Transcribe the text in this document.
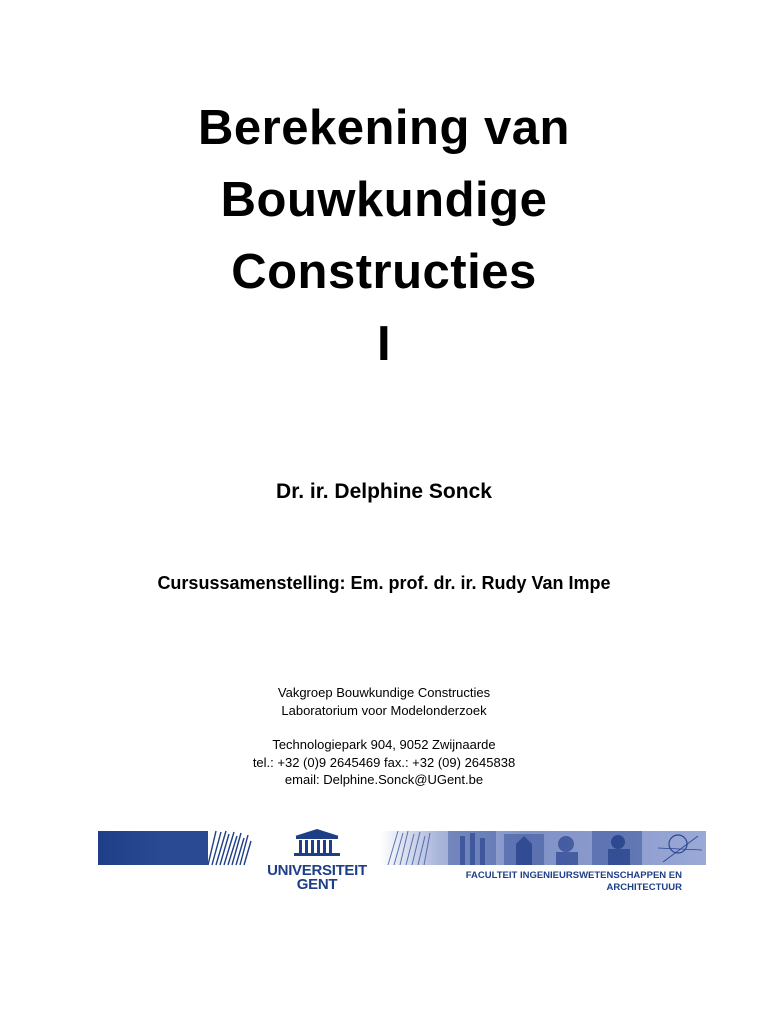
Berekening van
Bouwkundige
Constructies
I
Dr. ir. Delphine Sonck
Cursussamenstelling: Em. prof. dr. ir. Rudy Van Impe
Vakgroep Bouwkundige Constructies
Laboratorium voor Modelonderzoek
Technologiepark 904, 9052 Zwijnaarde
tel.: +32 (0)9 2645469 fax.: +32 (09) 2645838
email: Delphine.Sonck@UGent.be
UNIVERSITEIT
GENT
FACULTEIT INGENIEURSWETENSCHAPPEN EN
ARCHITECTUUR
